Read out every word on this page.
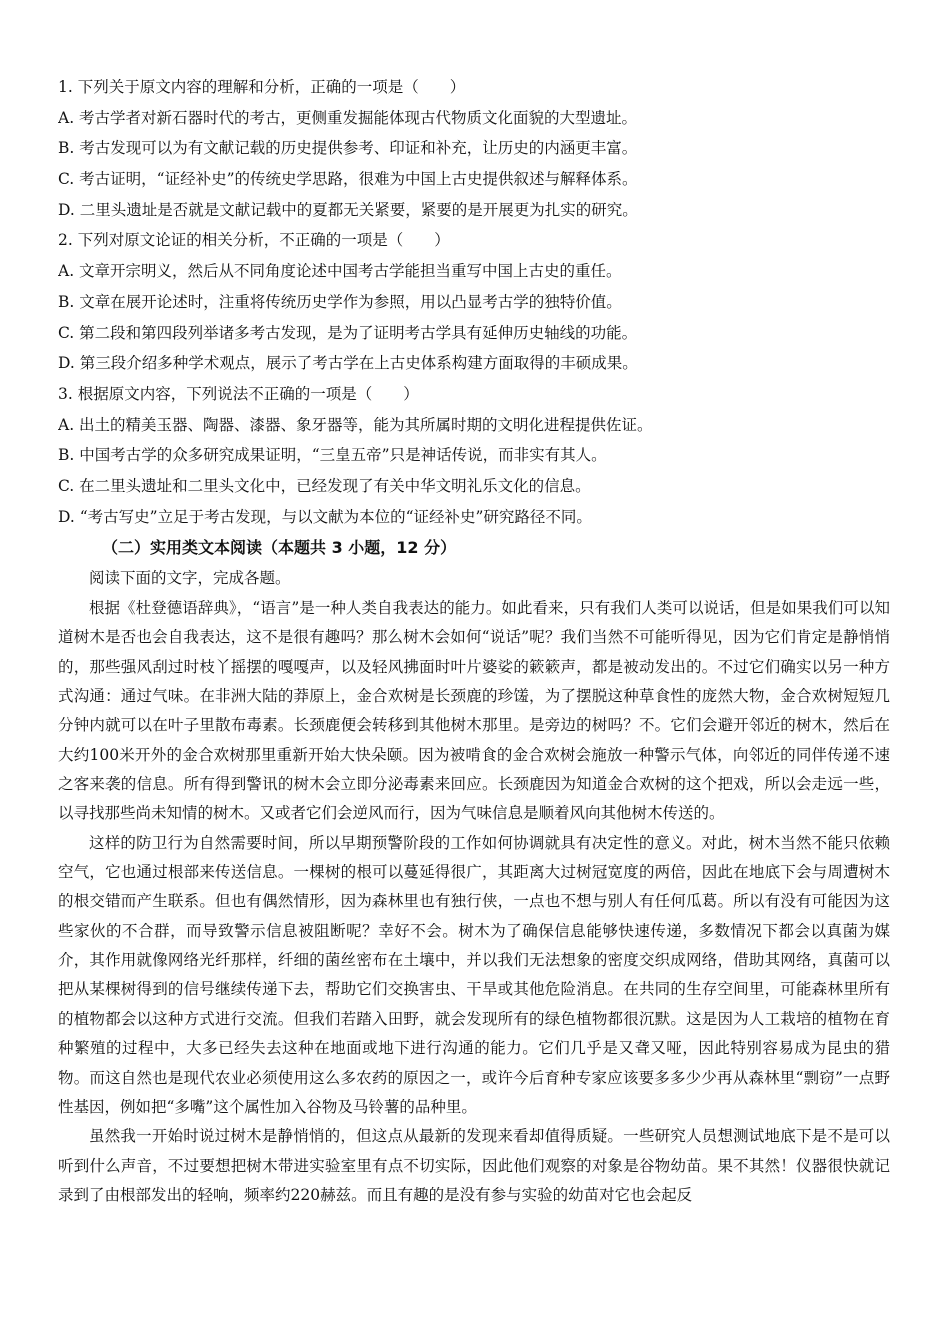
1. 下列关于原文内容的理解和分析，正确的一项是（　　）
A. 考古学者对新石器时代的考古，更侧重发掘能体现古代物质文化面貌的大型遗址。
B. 考古发现可以为有文献记载的历史提供参考、印证和补充，让历史的内涵更丰富。
C. 考古证明，“证经补史”的传统史学思路，很难为中国上古史提供叙述与解释体系。
D. 二里头遗址是否就是文献记载中的夏都无关紧要，紧要的是开展更为扎实的研究。
2. 下列对原文论证的相关分析，不正确的一项是（　　）
A. 文章开宗明义，然后从不同角度论述中国考古学能担当重写中国上古史的重任。
B. 文章在展开论述时，注重将传统历史学作为参照，用以凸显考古学的独特价值。
C. 第二段和第四段列举诸多考古发现，是为了证明考古学具有延伸历史轴线的功能。
D. 第三段介绍多种学术观点，展示了考古学在上古史体系构建方面取得的丰硕成果。
3. 根据原文内容，下列说法不正确的一项是（　　）
A. 出土的精美玉器、陶器、漆器、象牙器等，能为其所属时期的文明化进程提供佐证。
B. 中国考古学的众多研究成果证明，“三皇五帝”只是神话传说，而非实有其人。
C. 在二里头遗址和二里头文化中，已经发现了有关中华文明礼乐文化的信息。
D. “考古写史”立足于考古发现，与以文献为本位的“证经补史”研究路径不同。
（二）实用类文本阅读（本题共 3 小题，12 分）
阅读下面的文字，完成各题。

根据《杜登德语辞典》，“语言”是一种人类自我表达的能力。如此看来，只有我们人类可以说话，但是如果我们可以知道树木是否也会自我表达，这不是很有趣吗？那么树木会如何“说话”呢？我们当然不可能听得见，因为它们肯定是静悄悄的，那些强风刮过时枝丫摇摆的嘎嘎声，以及轻风拂面时叶片婆娑的簌簌声，都是被动发出的。不过它们确实以另一种方式沟通：通过气味。在非洲大陆的莽原上，金合欢树是长颈鹿的珍馐，为了摆脱这种草食性的庞然大物，金合欢树短短几分钟内就可以在叶子里散布毒素。长颈鹿便会转移到其他树木那里。是旁边的树吗？不。它们会避开邻近的树木，然后在大约100米开外的金合欢树那里重新开始大快朵颐。因为被啃食的金合欢树会施放一种警示气体，向邻近的同伴传递不速之客来袭的信息。所有得到警讯的树木会立即分泌毒素来回应。长颈鹿因为知道金合欢树的这个把戏，所以会走远一些，以寻找那些尚未知情的树木。又或者它们会逆风而行，因为气味信息是顺着风向其他树木传送的。

这样的防卫行为自然需要时间，所以早期预警阶段的工作如何协调就具有决定性的意义。对此，树木当然不能只依赖空气，它也通过根部来传送信息。一棵树的根可以蔓延得很广，其距离大过树冠宽度的两倍，因此在地底下会与周遭树木的根交错而产生联系。但也有偶然情形，因为森林里也有独行侠，一点也不想与别人有任何瓜葛。所以有没有可能因为这些家伙的不合群，而导致警示信息被阻断呢？幸好不会。树木为了确保信息能够快速传递，多数情况下都会以真菌为媒介，其作用就像网络光纤那样，纤细的菌丝密布在土壤中，并以我们无法想象的密度交织成网络，借助其网络，真菌可以把从某棵树得到的信号继续传递下去，帮助它们交换害虫、干旱或其他危险消息。在共同的生存空间里，可能森林里所有的植物都会以这种方式进行交流。但我们若踏入田野，就会发现所有的绿色植物都很沉默。这是因为人工栽培的植物在育种繁殖的过程中，大多已经失去这种在地面或地下进行沟通的能力。它们几乎是又聋又哑，因此特别容易成为昆虫的猎物。而这自然也是现代农业必须使用这么多农药的原因之一，或许今后育种专家应该要多多少少再从森林里“剽窃”一点野性基因，例如把“多嘴”这个属性加入谷物及马铃薯的品种里。

虽然我一开始时说过树木是静悄悄的，但这点从最新的发现来看却值得质疑。一些研究人员想测试地底下是不是可以听到什么声音，不过要想把树木带进实验室里有点不切实际，因此他们观察的对象是谷物幼苗。果不其然！仪器很快就记录到了由根部发出的轻响，频率约220赫兹。而且有趣的是没有参与实验的幼苗对它也会起反
